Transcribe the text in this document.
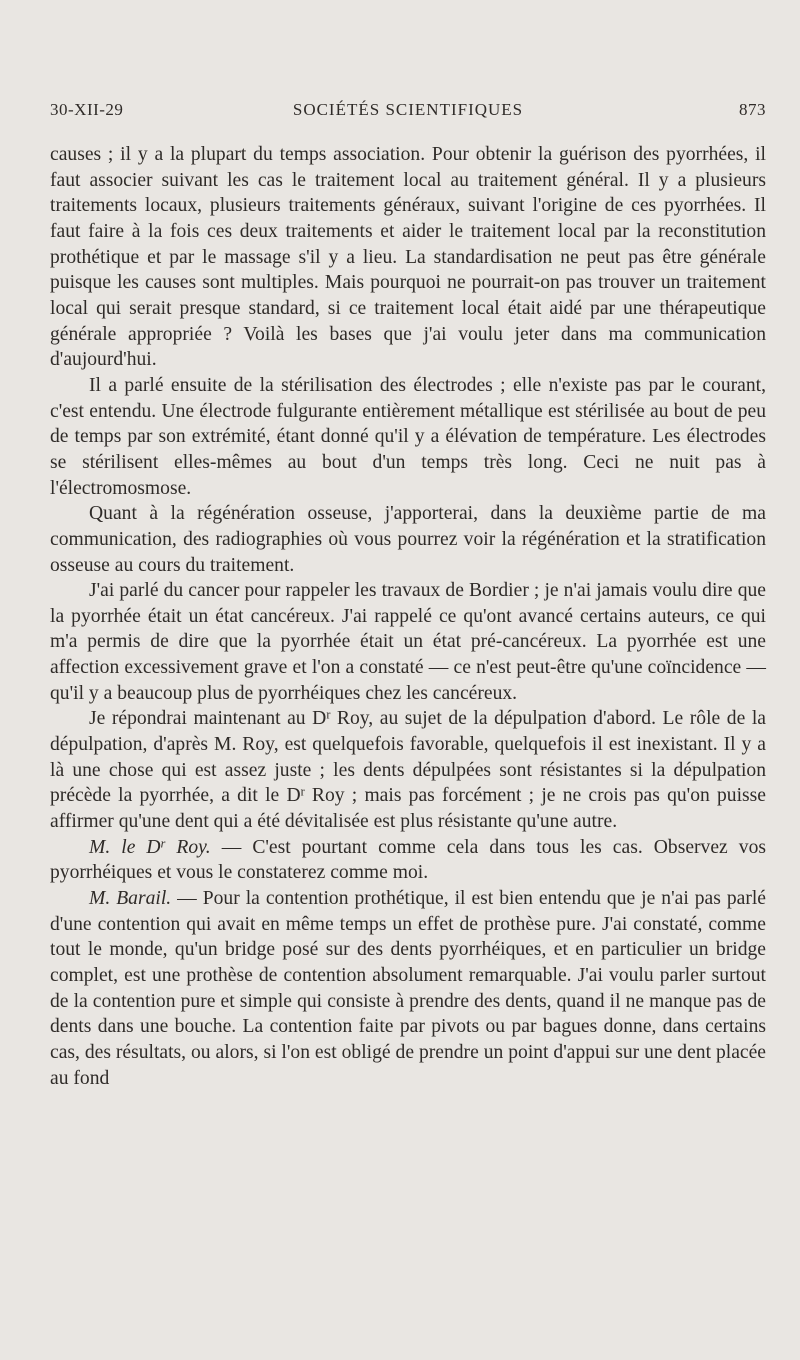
30-XII-29	SOCIÉTÉS SCIENTIFIQUES	873

causes ; il y a la plupart du temps association. Pour obtenir la guérison des pyorrhées, il faut associer suivant les cas le traitement local au traitement général. Il y a plusieurs traitements locaux, plusieurs traitements généraux, suivant l'origine de ces pyorrhées. Il faut faire à la fois ces deux traitements et aider le traitement local par la reconstitution prothétique et par le massage s'il y a lieu. La standardisation ne peut pas être générale puisque les causes sont multiples. Mais pourquoi ne pourrait-on pas trouver un traitement local qui serait presque standard, si ce traitement local était aidé par une thérapeutique générale appropriée ? Voilà les bases que j'ai voulu jeter dans ma communication d'aujourd'hui.

Il a parlé ensuite de la stérilisation des électrodes ; elle n'existe pas par le courant, c'est entendu. Une électrode fulgurante entièrement métallique est stérilisée au bout de peu de temps par son extrémité, étant donné qu'il y a élévation de température. Les électrodes se stérilisent elles-mêmes au bout d'un temps très long. Ceci ne nuit pas à l'électromosmose.

Quant à la régénération osseuse, j'apporterai, dans la deuxième partie de ma communication, des radiographies où vous pourrez voir la régénération et la stratification osseuse au cours du traitement.

J'ai parlé du cancer pour rappeler les travaux de Bordier ; je n'ai jamais voulu dire que la pyorrhée était un état cancéreux. J'ai rappelé ce qu'ont avancé certains auteurs, ce qui m'a permis de dire que la pyorrhée était un état pré-cancéreux. La pyorrhée est une affection excessivement grave et l'on a constaté — ce n'est peut-être qu'une coïncidence — qu'il y a beaucoup plus de pyorrhéiques chez les cancéreux.

Je répondrai maintenant au $D^r$ Roy, au sujet de la dépulpation d'abord. Le rôle de la dépulpation, d'après M. Roy, est quelquefois favorable, quelquefois il est inexistant. Il y a là une chose qui est assez juste ; les dents dépulpées sont résistantes si la dépulpation précède la pyorrhée, a dit le $D^r$ Roy ; mais pas forcément ; je ne crois pas qu'on puisse affirmer qu'une dent qui a été dévitalisée est plus résistante qu'une autre.

M. le $D^r$ Roy. — C'est pourtant comme cela dans tous les cas. Observez vos pyorrhéiques et vous le constaterez comme moi.

M. Barail. — Pour la contention prothétique, il est bien entendu que je n'ai pas parlé d'une contention qui avait en même temps un effet de prothèse pure. J'ai constaté, comme tout le monde, qu'un bridge posé sur des dents pyorrhéiques, et en particulier un bridge complet, est une prothèse de contention absolument remarquable. J'ai voulu parler surtout de la contention pure et simple qui consiste à prendre des dents, quand il ne manque pas de dents dans une bouche. La contention faite par pivots ou par bagues donne, dans certains cas, des résultats, ou alors, si l'on est obligé de prendre un point d'appui sur une dent placée au fond
